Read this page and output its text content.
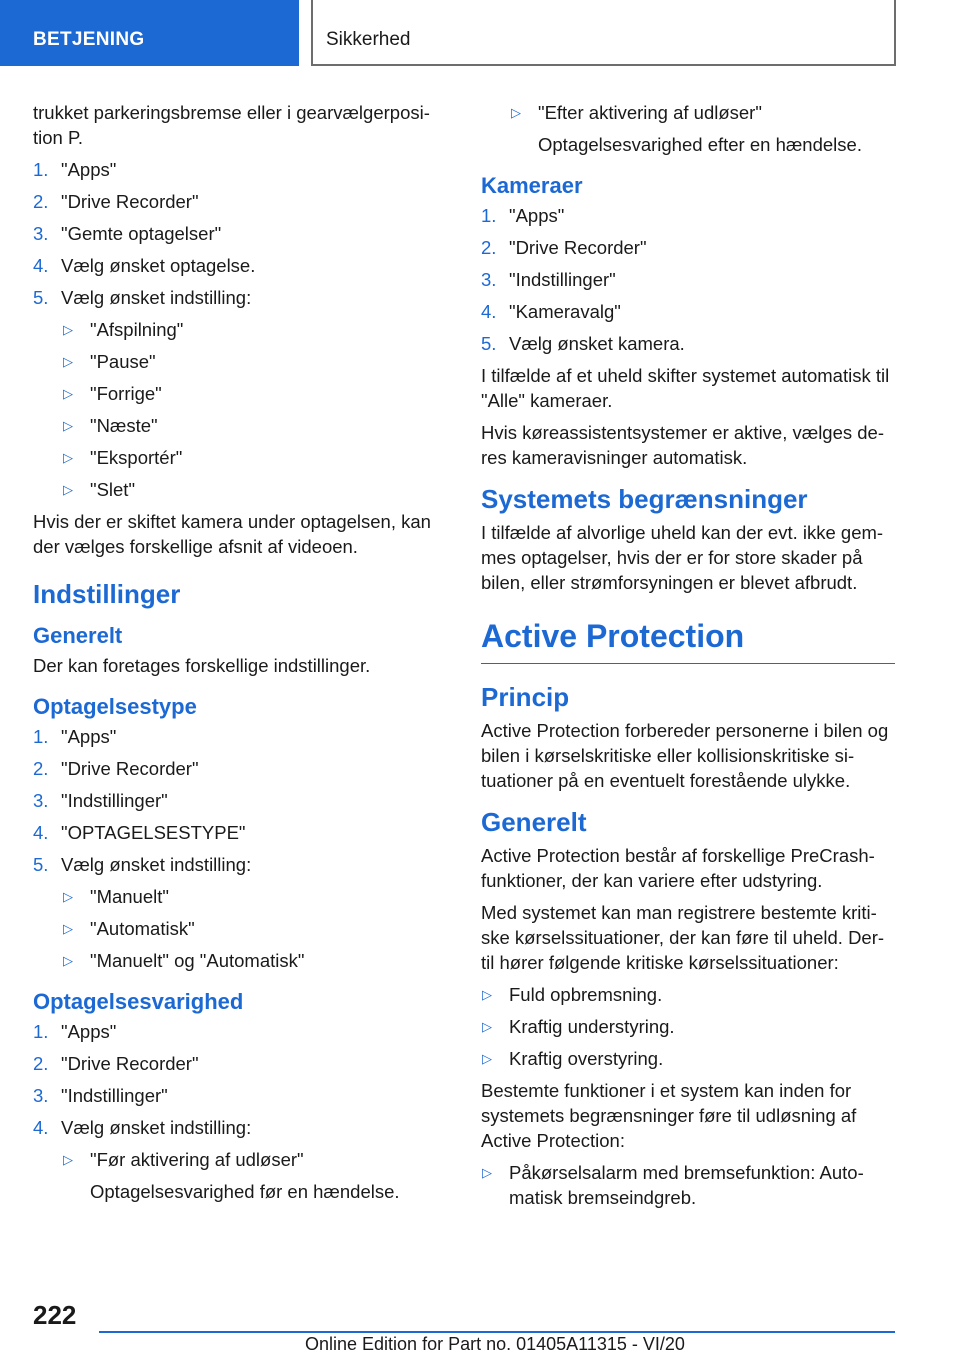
BETJENING	Sikkerhed

trukket parkeringsbremse eller i gearvælgerposi-tion P.

1. "Apps"
2. "Drive Recorder"
3. "Gemte optagelser"
4. Vælg ønsket optagelse.
5. Vælg ønsket indstilling:
▷ "Afspilning"
▷ "Pause"
▷ "Forrige"
▷ "Næste"
▷ "Eksportér"
▷ "Slet"

Hvis der er skiftet kamera under optagelsen, kan der vælges forskellige afsnit af videoen.

Indstillinger
Generelt

Der kan foretages forskellige indstillinger.

Optagelsestype
1. "Apps"
2. "Drive Recorder"
3. "Indstillinger"
4. "OPTAGELSESTYPE"
5. Vælg ønsket indstilling:
▷ "Manuelt"
▷ "Automatisk"
▷ "Manuelt" og "Automatisk"
Optagelsesvarighed
1. "Apps"
2. "Drive Recorder"
3. "Indstillinger"
4. Vælg ønsket indstilling:
▷ "Før aktivering af udløser"
Optagelsesvarighed før en hændelse.
▷ "Efter aktivering af udløser"
Optagelsesvarighed efter en hændelse.
Kameraer
1. "Apps"
2. "Drive Recorder"
3. "Indstillinger"
4. "Kameravalg"
5. Vælg ønsket kamera.

I tilfælde af et uheld skifter systemet automatisk til "Alle" kameraer.

Hvis køreassistentsystemer er aktive, vælges de-res kameravisninger automatisk.

Systemets begrænsninger

I tilfælde af alvorlige uheld kan der evt. ikke gem-mes optagelser, hvis der er for store skader på bilen, eller strømforsyningen er blevet afbrudt.

Active Protection
Princip

Active Protection forbereder personerne i bilen og bilen i kørselskritiske eller kollisionskritiske si-tuationer på en eventuelt forestående ulykke.

Generelt

Active Protection består af forskellige PreCrash-funktioner, der kan variere efter udstyring.

Med systemet kan man registrere bestemte kriti-ske kørselssituationer, der kan føre til uheld. Der-til hører følgende kritiske kørselssituationer:

▷ Fuld opbremsning.
▷ Kraftig understyring.
▷ Kraftig overstyring.

Bestemte funktioner i et system kan inden for systemets begrænsninger føre til udløsning af Active Protection:

▷ Påkørselsalarm med bremsefunktion: Auto-matisk bremseindgreb.
222
Online Edition for Part no. 01405A11315 - VI/20
